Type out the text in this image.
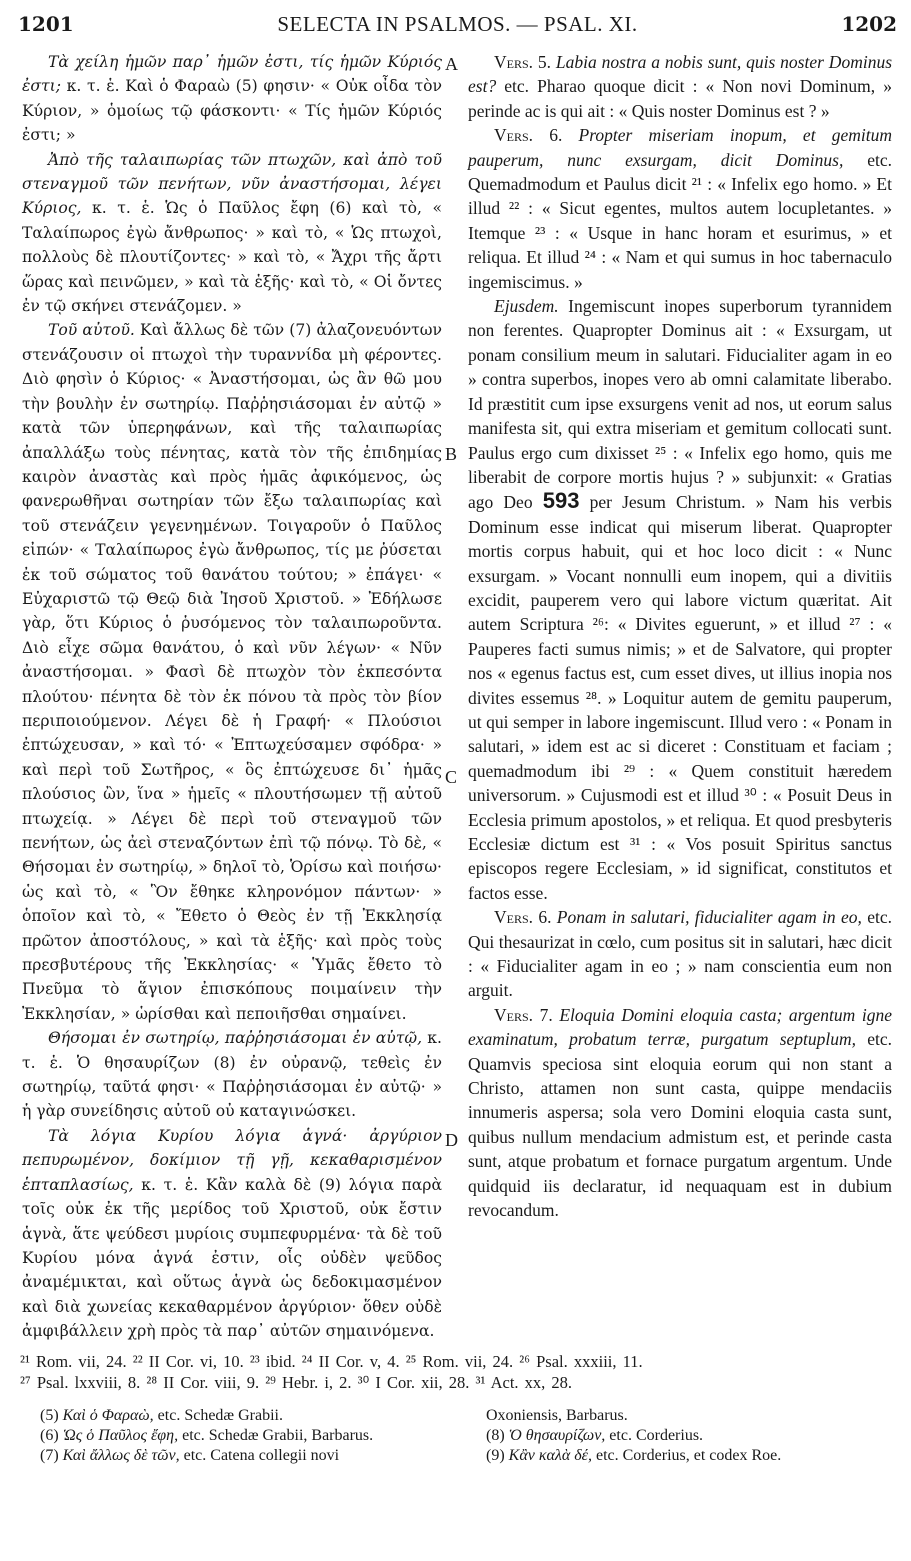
1201	SELECTA IN PSALMOS. — PSAL. XI.	1202
A
B
C
D

Τὰ χείλη ἡμῶν παρ᾽ ἡμῶν ἐστι, τίς ἡμῶν Κύριός ἐστι; κ. τ. ἑ. Καὶ ὁ Φαραὼ (5) φησιν· « Οὐκ οἶδα τὸν Κύριον, » ὁμοίως τῷ φάσκοντι· « Τίς ἡμῶν Κύριός ἐστι; »

Ἀπὸ τῆς ταλαιπωρίας τῶν πτωχῶν, καὶ ἀπὸ τοῦ στεναγμοῦ τῶν πενήτων, νῦν ἀναστήσομαι, λέγει Κύριος, κ. τ. ἑ. Ὡς ὁ Παῦλος ἔφη (6) καὶ τὸ, « Ταλαίπωρος ἐγὼ ἄνθρωπος· » καὶ τὸ, « Ὡς πτωχοὶ, πολλοὺς δὲ πλουτίζοντες· » καὶ τὸ, « Ἄχρι τῆς ἄρτι ὥρας καὶ πεινῶμεν, » καὶ τὰ ἑξῆς· καὶ τὸ, « Οἱ ὄντες ἐν τῷ σκήνει στενάζομεν. »

Τοῦ αὐτοῦ. Καὶ ἄλλως δὲ τῶν (7) ἀλαζονευόντων στενάζουσιν οἱ πτωχοὶ τὴν τυραννίδα μὴ φέροντες. Διὸ φησὶν ὁ Κύριος· « Ἀναστήσομαι, ὡς ἂν θῶ μου τὴν βουλὴν ἐν σωτηρίῳ. Παῤῥησιάσομαι ἐν αὐτῷ » κατὰ τῶν ὑπερηφάνων, καὶ τῆς ταλαιπωρίας ἀπαλλάξω τοὺς πένητας, κατὰ τὸν τῆς ἐπιδημίας καιρὸν ἀναστὰς καὶ πρὸς ἡμᾶς ἀφικόμενος, ὡς φανερωθῆναι σωτηρίαν τῶν ἔξω ταλαιπωρίας καὶ τοῦ στενάζειν γεγενημένων. Τοιγαροῦν ὁ Παῦλος εἰπών· « Ταλαίπωρος ἐγὼ ἄνθρωπος, τίς με ῥύσεται ἐκ τοῦ σώματος τοῦ θανάτου τούτου; » ἐπάγει· « Εὐχαριστῶ τῷ Θεῷ διὰ Ἰησοῦ Χριστοῦ. » Ἐδήλωσε γὰρ, ὅτι Κύριος ὁ ῥυσόμενος τὸν ταλαιπωροῦντα. Διὸ εἶχε σῶμα θανάτου, ὁ καὶ νῦν λέγων· « Νῦν ἀναστήσομαι. » Φασὶ δὲ πτωχὸν τὸν ἐκπεσόντα πλούτου· πένητα δὲ τὸν ἐκ πόνου τὰ πρὸς τὸν βίον περιποιούμενον. Λέγει δὲ ἡ Γραφή· « Πλούσιοι ἐπτώχευσαν, » καὶ τό· « Ἐπτωχεύσαμεν σφόδρα· » καὶ περὶ τοῦ Σωτῆρος, « ὃς ἐπτώχευσε δι᾽ ἡμᾶς πλούσιος ὢν, ἵνα » ἡμεῖς « πλουτήσωμεν τῇ αὐτοῦ πτωχείᾳ. » Λέγει δὲ περὶ τοῦ στεναγμοῦ τῶν πενήτων, ὡς ἀεὶ στεναζόντων ἐπὶ τῷ πόνῳ. Τὸ δὲ, « Θήσομαι ἐν σωτηρίῳ, » δηλοῖ τὸ, Ὁρίσω καὶ ποιήσω· ὡς καὶ τὸ, « Ὃν ἔθηκε κληρονόμον πάντων· » ὁποῖον καὶ τὸ, « Ἔθετο ὁ Θεὸς ἐν τῇ Ἐκκλησίᾳ πρῶτον ἀποστόλους, » καὶ τὰ ἑξῆς· καὶ πρὸς τοὺς πρεσβυτέρους τῆς Ἐκκλησίας· « Ὑμᾶς ἔθετο τὸ Πνεῦμα τὸ ἅγιον ἐπισκόπους ποιμαίνειν τὴν Ἐκκλησίαν, » ὡρίσθαι καὶ πεποιῆσθαι σημαίνει.

Θήσομαι ἐν σωτηρίῳ, παῤῥησιάσομαι ἐν αὐτῷ, κ. τ. ἑ. Ὁ θησαυρίζων (8) ἐν οὐρανῷ, τεθεὶς ἐν σωτηρίῳ, ταῦτά φησι· « Παῤῥησιάσομαι ἐν αὐτῷ· » ἡ γὰρ συνείδησις αὐτοῦ οὐ καταγινώσκει.

Τὰ λόγια Κυρίου λόγια ἁγνά· ἀργύριον πεπυρωμένον, δοκίμιον τῇ γῇ, κεκαθαρισμένον ἑπταπλασίως, κ. τ. ἑ. Κἂν καλὰ δὲ (9) λόγια παρὰ τοῖς οὐκ ἐκ τῆς μερίδος τοῦ Χριστοῦ, οὐκ ἔστιν ἁγνὰ, ἅτε ψεύδεσι μυρίοις συμπεφυρμένα· τὰ δὲ τοῦ Κυρίου μόνα ἁγνά ἐστιν, οἷς οὐδὲν ψεῦδος ἀναμέμικται, καὶ οὕτως ἁγνὰ ὡς δεδοκιμασμένον καὶ διὰ χωνείας κεκαθαρμένον ἀργύριον· ὅθεν οὐδὲ ἀμφιβάλλειν χρὴ πρὸς τὰ παρ᾽ αὐτῶν σημαινόμενα.

Vers. 5. Labia nostra a nobis sunt, quis noster Dominus est? etc. Pharao quoque dicit : « Non novi Dominum, » perinde ac is qui ait : « Quis noster Dominus est ? »

Vers. 6. Propter miseriam inopum, et gemitum pauperum, nunc exsurgam, dicit Dominus, etc. Quemadmodum et Paulus dicit ²¹ : « Infelix ego homo. » Et illud ²² : « Sicut egentes, multos autem locupletantes. » Itemque ²³ : « Usque in hanc horam et esurimus, » et reliqua. Et illud ²⁴ : « Nam et qui sumus in hoc tabernaculo ingemiscimus. »

Ejusdem. Ingemiscunt inopes superborum tyrannidem non ferentes. Quapropter Dominus ait : « Exsurgam, ut ponam consilium meum in salutari. Fiducialiter agam in eo » contra superbos, inopes vero ab omni calamitate liberabo. Id præstitit cum ipse exsurgens venit ad nos, ut eorum salus manifesta sit, qui extra miseriam et gemitum collocati sunt. Paulus ergo cum dixisset ²⁵ : « Infelix ego homo, quis me liberabit de corpore mortis hujus ? » subjunxit: « Gratias ago Deo 593 per Jesum Christum. » Nam his verbis Dominum esse indicat qui miserum liberat. Quapropter mortis corpus habuit, qui et hoc loco dicit : « Nunc exsurgam. » Vocant nonnulli eum inopem, qui a divitiis excidit, pauperem vero qui labore victum quæritat. Ait autem Scriptura ²⁶: « Divites eguerunt, » et illud ²⁷ : « Pauperes facti sumus nimis; » et de Salvatore, qui propter nos « egenus factus est, cum esset dives, ut illius inopia nos divites essemus ²⁸. » Loquitur autem de gemitu pauperum, ut qui semper in labore ingemiscunt. Illud vero : « Ponam in salutari, » idem est ac si diceret : Constituam et faciam ; quemadmodum ibi ²⁹ : « Quem constituit hæredem universorum. » Cujusmodi est et illud ³⁰ : « Posuit Deus in Ecclesia primum apostolos, » et reliqua. Et quod presbyteris Ecclesiæ dictum est ³¹ : « Vos posuit Spiritus sanctus episcopos regere Ecclesiam, » id significat, constitutos et factos esse.

Vers. 6. Ponam in salutari, fiducialiter agam in eo, etc. Qui thesaurizat in cœlo, cum positus sit in salutari, hæc dicit : « Fiducialiter agam in eo ; » nam conscientia eum non arguit.

Vers. 7. Eloquia Domini eloquia casta; argentum igne examinatum, probatum terræ, purgatum septuplum, etc. Quamvis speciosa sint eloquia eorum qui non stant a Christo, attamen non sunt casta, quippe mendaciis innumeris aspersa; sola vero Domini eloquia casta sunt, quibus nullum mendacium admistum est, et perinde casta sunt, atque probatum et fornace purgatum argentum. Unde quidquid iis declaratur, id nequaquam est in dubium revocandum.

²¹ Rom. vii, 24. ²² II Cor. vi, 10. ²³ ibid. ²⁴ II Cor. v, 4. ²⁵ Rom. vii, 24. ²⁶ Psal. xxxiii, 11.

²⁷ Psal. lxxviii, 8. ²⁸ II Cor. viii, 9. ²⁹ Hebr. i, 2. ³⁰ I Cor. xii, 28. ³¹ Act. xx, 28.

(5) Καὶ ὁ Φαραὼ, etc. Schedæ Grabii.

(6) Ὡς ὁ Παῦλος ἔφη, etc. Schedæ Grabii, Barbarus.

(7) Καὶ ἄλλως δὲ τῶν, etc. Catena collegii novi

Oxoniensis, Barbarus.

(8) Ὁ θησαυρίζων, etc. Corderius.

(9) Κἂν καλὰ δέ, etc. Corderius, et codex Roe.
